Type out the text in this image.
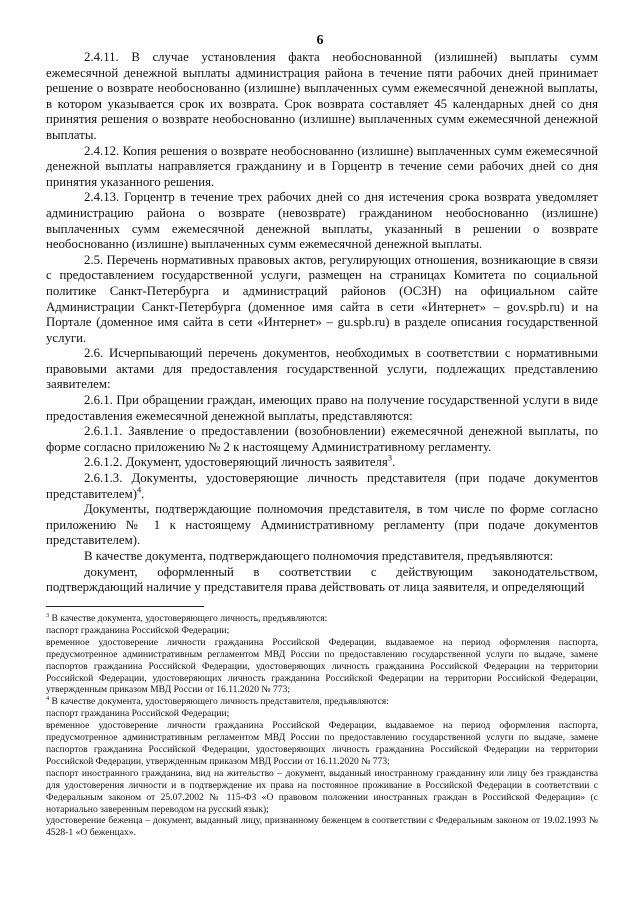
6

2.4.11. В случае установления факта необоснованной (излишней) выплаты сумм ежемесячной денежной выплаты администрация района в течение пяти рабочих дней принимает решение о возврате необоснованно (излишне) выплаченных сумм ежемесячной денежной выплаты, в котором указывается срок их возврата. Срок возврата составляет 45 календарных дней со дня принятия решения о возврате необоснованно (излишне) выплаченных сумм ежемесячной денежной выплаты.

2.4.12. Копия решения о возврате необоснованно (излишне) выплаченных сумм ежемесячной денежной выплаты направляется гражданину и в Горцентр в течение семи рабочих дней со дня принятия указанного решения.

2.4.13. Горцентр в течение трех рабочих дней со дня истечения срока возврата уведомляет администрацию района о возврате (невозврате) гражданином необоснованно (излишне) выплаченных сумм ежемесячной денежной выплаты, указанный в решении о возврате необоснованно (излишне) выплаченных сумм ежемесячной денежной выплаты.

2.5. Перечень нормативных правовых актов, регулирующих отношения, возникающие в связи с предоставлением государственной услуги, размещен на страницах Комитета по социальной политике Санкт-Петербурга и администраций районов (ОСЗН) на официальном сайте Администрации Санкт-Петербурга (доменное имя сайта в сети «Интернет» – gov.spb.ru) и на Портале (доменное имя сайта в сети «Интернет» – gu.spb.ru) в разделе описания государственной услуги.

2.6. Исчерпывающий перечень документов, необходимых в соответствии с нормативными правовыми актами для предоставления государственной услуги, подлежащих представлению заявителем:

2.6.1. При обращении граждан, имеющих право на получение государственной услуги в виде предоставления ежемесячной денежной выплаты, представляются:

2.6.1.1. Заявление о предоставлении (возобновлении) ежемесячной денежной выплаты, по форме согласно приложению № 2 к настоящему Административному регламенту.

2.6.1.2. Документ, удостоверяющий личность заявителя$^3$.

2.6.1.3. Документы, удостоверяющие личность представителя (при подаче документов представителем)$^4$.

Документы, подтверждающие полномочия представителя, в том числе по форме согласно приложению № 1 к настоящему Административному регламенту (при подаче документов представителем).

В качестве документа, подтверждающего полномочия представителя, предъявляются:

документ, оформленный в соответствии с действующим законодательством, подтверждающий наличие у представителя права действовать от лица заявителя, и определяющий

$^3$ В качестве документа, удостоверяющего личность, предъявляются:

паспорт гражданина Российской Федерации;

временное удостоверение личности гражданина Российской Федерации, выдаваемое на период оформления паспорта, предусмотренное административным регламентом МВД России по предоставлению государственной услуги по выдаче, замене паспортов гражданина Российской Федерации, удостоверяющих личность гражданина Российской Федерации на территории Российской Федерации, удостоверяющих личность гражданина Российской Федерации на территории Российской Федерации, утвержденным приказом МВД России от 16.11.2020 № 773;

$^4$ В качестве документа, удостоверяющего личность представителя, предъявляются:

паспорт гражданина Российской Федерации;

временное удостоверение личности гражданина Российской Федерации, выдаваемое на период оформления паспорта, предусмотренное административным регламентом МВД России по предоставлению государственной услуги по выдаче, замене паспортов гражданина Российской Федерации, удостоверяющих личность гражданина Российской Федерации на территории Российской Федерации, утвержденным приказом МВД России от 16.11.2020 № 773;

паспорт иностранного гражданина, вид на жительство – документ, выданный иностранному гражданину или лицу без гражданства для удостоверения личности и в подтверждение их права на постоянное проживание в Российской Федерации в соответствии с Федеральным законом от 25.07.2002 № 115-ФЗ «О правовом положении иностранных граждан в Российской Федерации» (с нотариально заверенным переводом на русский язык);

удостоверение беженца – документ, выданный лицу, признанному беженцем в соответствии с Федеральным законом от 19.02.1993 № 4528-1 «О беженцах».
